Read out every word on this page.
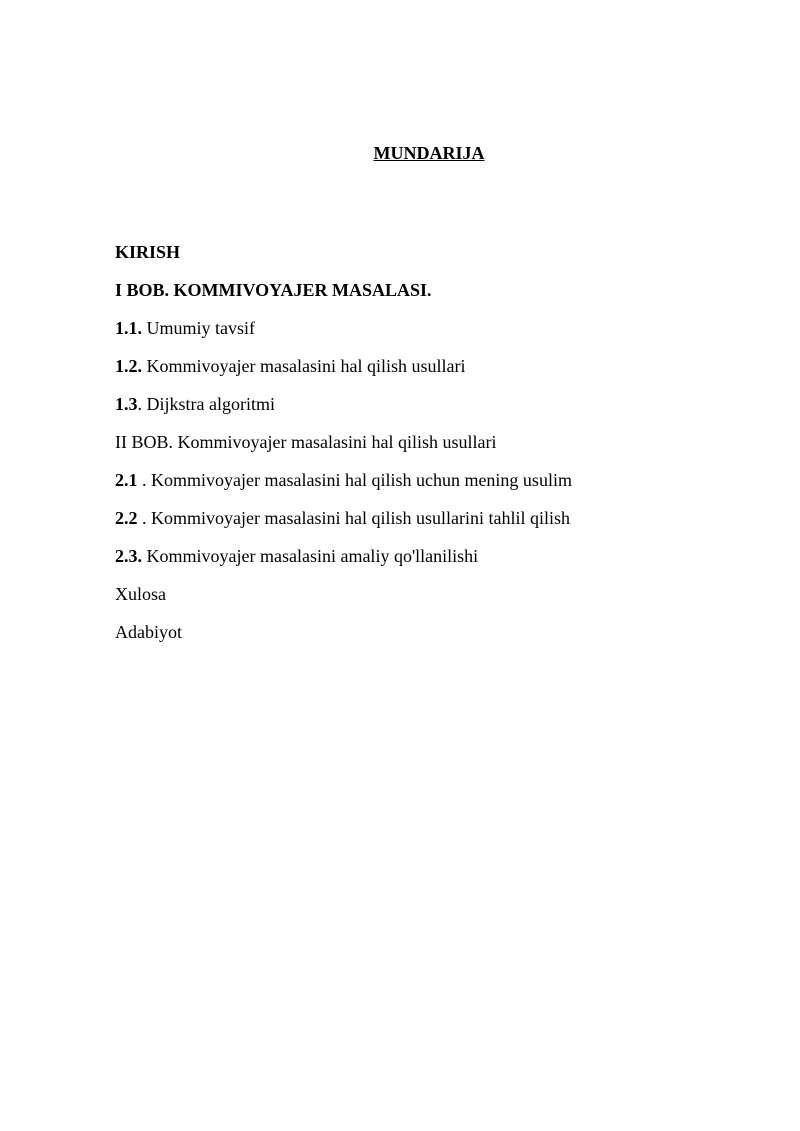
MUNDARIJA
KIRISH
I BOB. KOMMIVOYAJER MASALASI.
1.1. Umumiy tavsif
1.2. Kommivoyajer masalasini hal qilish usullari
1.3. Dijkstra algoritmi
II BOB. Kommivoyajer masalasini hal qilish usullari
2.1 . Kommivoyajer masalasini hal qilish uchun mening usulim
2.2 . Kommivoyajer masalasini hal qilish usullarini tahlil qilish
2.3. Kommivoyajer masalasini amaliy qo'llanilishi
Xulosa
Adabiyot
